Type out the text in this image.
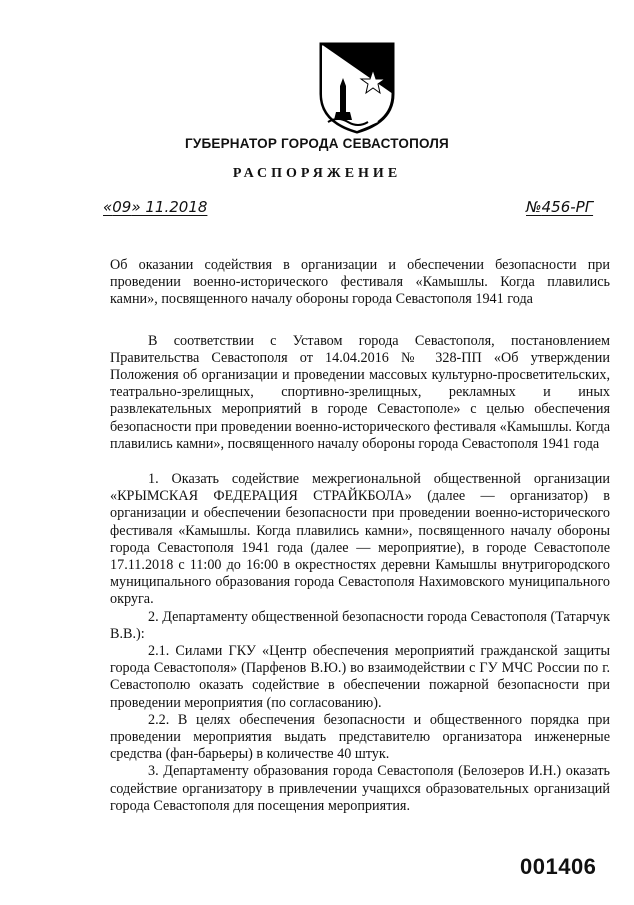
ГУБЕРНАТОР ГОРОДА СЕВАСТОПОЛЯ
РАСПОРЯЖЕНИЕ
«09» 11.2018	№456-РГ

Об оказании содействия в организации и обеспечении безопасности при проведении военно-исторического фестиваля «Камышлы. Когда плавились камни», посвященного началу обороны города Севастополя 1941 года

В соответствии с Уставом города Севастополя, постановлением Правительства Севастополя от 14.04.2016 № 328-ПП «Об утверждении Положения об организации и проведении массовых культурно-просветительских, театрально-зрелищных, спортивно-зрелищных, рекламных и иных развлекательных мероприятий в городе Севастополе» с целью обеспечения безопасности при проведении военно-исторического фестиваля «Камышлы. Когда плавились камни», посвященного началу обороны города Севастополя 1941 года

1. Оказать содействие межрегиональной общественной организации «КРЫМСКАЯ ФЕДЕРАЦИЯ СТРАЙКБОЛА» (далее — организатор) в организации и обеспечении безопасности при проведении военно-исторического фестиваля «Камышлы. Когда плавились камни», посвященного началу обороны города Севастополя 1941 года (далее — мероприятие), в городе Севастополе 17.11.2018 с 11:00 до 16:00 в окрестностях деревни Камышлы внутригородского муниципального образования города Севастополя Нахимовского муниципального округа.

2. Департаменту общественной безопасности города Севастополя (Татарчук В.В.):

2.1. Силами ГКУ «Центр обеспечения мероприятий гражданской защиты города Севастополя» (Парфенов В.Ю.) во взаимодействии с ГУ МЧС России по г. Севастополю оказать содействие в обеспечении пожарной безопасности при проведении мероприятия (по согласованию).

2.2. В целях обеспечения безопасности и общественного порядка при проведении мероприятия выдать представителю организатора инженерные средства (фан-барьеры) в количестве 40 штук.

3. Департаменту образования города Севастополя (Белозеров И.Н.) оказать содействие организатору в привлечении учащихся образовательных организаций города Севастополя для посещения мероприятия.

001406
